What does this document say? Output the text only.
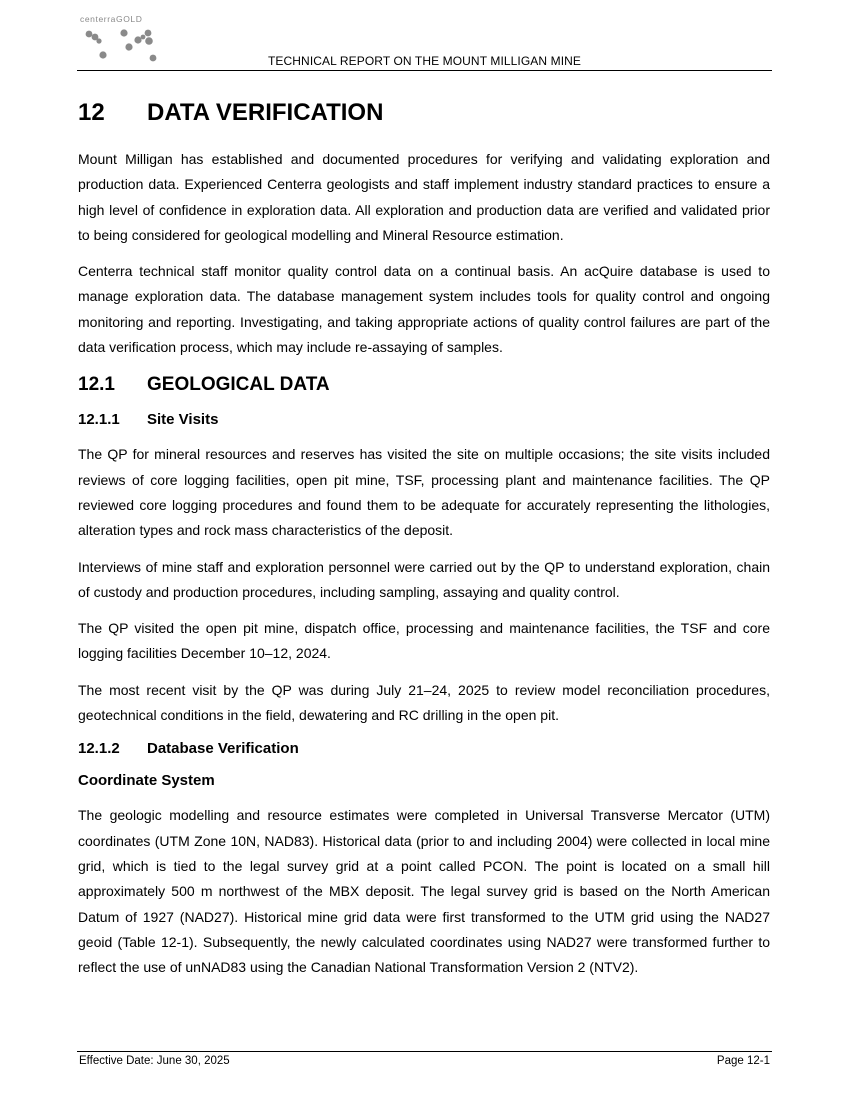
centerraGOLD
TECHNICAL REPORT ON THE MOUNT MILLIGAN MINE
12	DATA VERIFICATION

Mount Milligan has established and documented procedures for verifying and validating exploration and production data. Experienced Centerra geologists and staff implement industry standard practices to ensure a high level of confidence in exploration data. All exploration and production data are verified and validated prior to being considered for geological modelling and Mineral Resource estimation.

Centerra technical staff monitor quality control data on a continual basis. An acQuire database is used to manage exploration data. The database management system includes tools for quality control and ongoing monitoring and reporting. Investigating, and taking appropriate actions of quality control failures are part of the data verification process, which may include re-assaying of samples.

12.1	GEOLOGICAL DATA
12.1.1	Site Visits

The QP for mineral resources and reserves has visited the site on multiple occasions; the site visits included reviews of core logging facilities, open pit mine, TSF, processing plant and maintenance facilities. The QP reviewed core logging procedures and found them to be adequate for accurately representing the lithologies, alteration types and rock mass characteristics of the deposit.

Interviews of mine staff and exploration personnel were carried out by the QP to understand exploration, chain of custody and production procedures, including sampling, assaying and quality control.

The QP visited the open pit mine, dispatch office, processing and maintenance facilities, the TSF and core logging facilities December 10–12, 2024.

The most recent visit by the QP was during July 21–24, 2025 to review model reconciliation procedures, geotechnical conditions in the field, dewatering and RC drilling in the open pit.

12.1.2	Database Verification
Coordinate System

The geologic modelling and resource estimates were completed in Universal Transverse Mercator (UTM) coordinates (UTM Zone 10N, NAD83). Historical data (prior to and including 2004) were collected in local mine grid, which is tied to the legal survey grid at a point called PCON. The point is located on a small hill approximately 500 m northwest of the MBX deposit. The legal survey grid is based on the North American Datum of 1927 (NAD27). Historical mine grid data were first transformed to the UTM grid using the NAD27 geoid (Table 12-1). Subsequently, the newly calculated coordinates using NAD27 were transformed further to reflect the use of unNAD83 using the Canadian National Transformation Version 2 (NTV2).

Effective Date: June 30, 2025	Page 12-1
